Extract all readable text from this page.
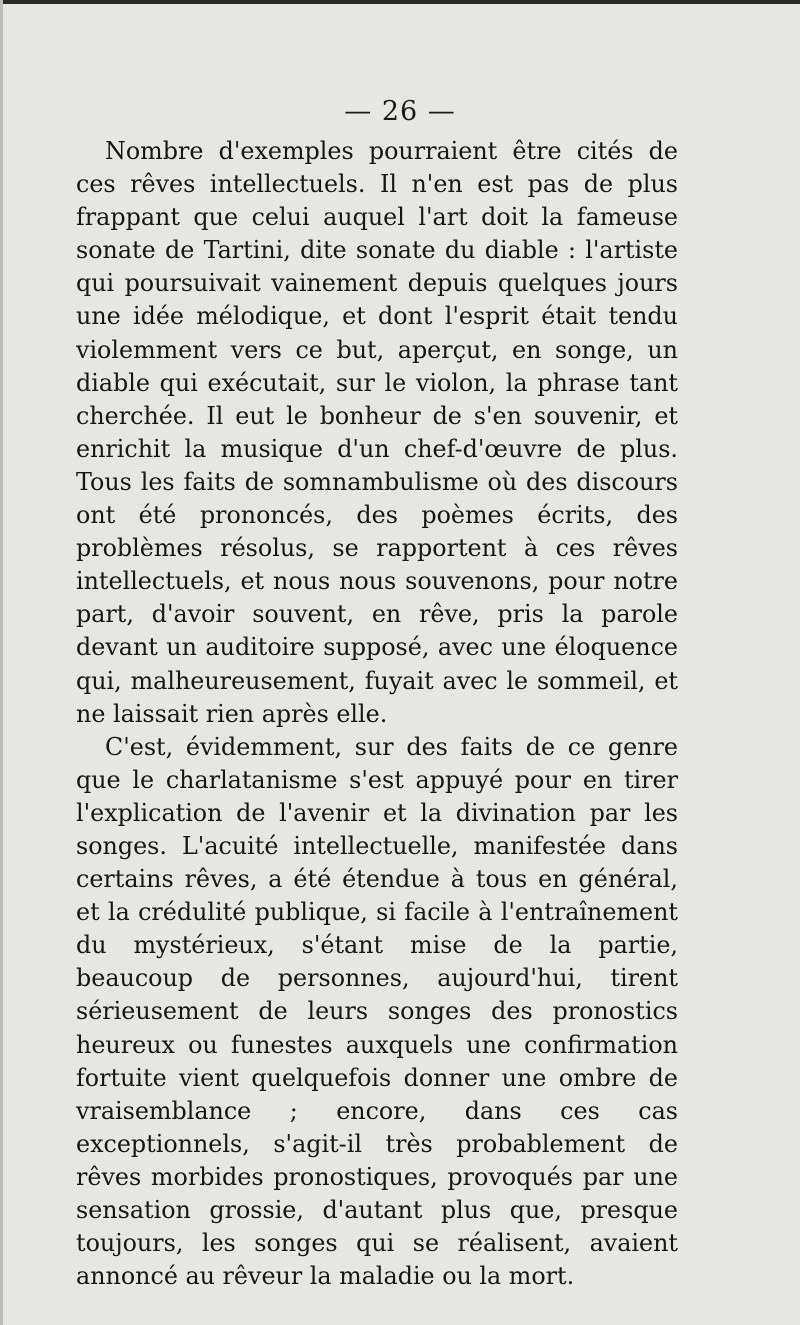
— 26 —

Nombre d'exemples pourraient être cités de ces rêves intellectuels. Il n'en est pas de plus frappant que celui auquel l'art doit la fameuse sonate de Tartini, dite sonate du diable : l'artiste qui poursuivait vainement depuis quelques jours une idée mélodique, et dont l'esprit était tendu violemment vers ce but, aperçut, en songe, un diable qui exécutait, sur le violon, la phrase tant cherchée. Il eut le bonheur de s'en souvenir, et enrichit la musique d'un chef-d'œuvre de plus. Tous les faits de somnambulisme où des discours ont été prononcés, des poèmes écrits, des problèmes résolus, se rapportent à ces rêves intellectuels, et nous nous souvenons, pour notre part, d'avoir souvent, en rêve, pris la parole devant un auditoire supposé, avec une éloquence qui, malheureusement, fuyait avec le sommeil, et ne laissait rien après elle.

C'est, évidemment, sur des faits de ce genre que le charlatanisme s'est appuyé pour en tirer l'explication de l'avenir et la divination par les songes. L'acuité intellectuelle, manifestée dans certains rêves, a été étendue à tous en général, et la crédulité publique, si facile à l'entraînement du mystérieux, s'étant mise de la partie, beaucoup de personnes, aujourd'hui, tirent sérieusement de leurs songes des pronostics heureux ou funestes auxquels une confirmation fortuite vient quelquefois donner une ombre de vraisemblance ; encore, dans ces cas exceptionnels, s'agit-il très probablement de rêves morbides pronostiques, provoqués par une sensation grossie, d'autant plus que, presque toujours, les songes qui se réalisent, avaient annoncé au rêveur la maladie ou la mort.
